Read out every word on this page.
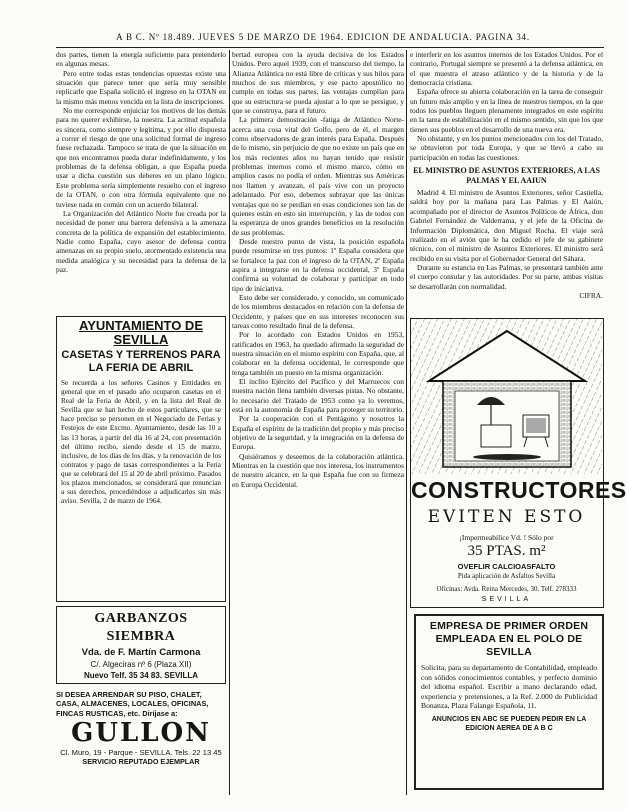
A B C. Nº 18.489. JUEVES 5 DE MARZO DE 1964. EDICION DE ANDALUCIA. PAGINA 34.

dos partes, tienen la energía suficiente para pretenderlo en algunas mesas.

Pero entre todas estas tendencias opuestas existe una situación que parece tener que sería muy sensible replicarle que España solicitó el ingreso en la OTAN en la mismo más menos vencida en la lista de inscripciones.

No me corresponde enjuiciar los motivos de los demás para no querer exhibirse, la nuestra. La actitud española es sincera, como siempre y legítima, y por ello dispuesta a correr el riesgo de que una solicitud formal de ingreso fuese rechazada. Tampoco se trata de que la situación en que nos encontramos pueda durar indefinidamente, y los problemas de la defensa obligan, a que España pueda usar a dicha cuestión sus deberes en un plano lógico. Este problema sería simplemente resuelto con el ingreso de la OTAN, o con otra fórmula equivalente que no tuviese nada en común con un acuerdo bilateral.

La Organización del Atlántico Norte fue creada por la necesidad de poner una barrera defensiva a la amenaza concreta de la política de expansión del establecimiento. Nadie como España, cuyo asesor de defensa contra amenazas en su propio suelo, atormentado existencia una medida analógica y su necesidad para la defensa de la paz.

AYUNTAMIENTO DE SEVILLA
CASETAS Y TERRENOS PARA LA FERIA DE ABRIL
Se recuerda a los señores Casinos y Entidades en general que en el pasado año ocuparon casetas en el Real de la Feria de Abril, y en la lista del Real de Sevilla que se han hecho de estos particulares, que se hace preciso se personen en el Negociado de Ferias y Festejos de este Excmo. Ayuntamiento, desde las 10 a las 13 horas, a partir del día 16 al 24, con presentación del último recibo, siendo desde el 15 de marzo, inclusive, de los días de los días, y la renovación de los contratos y pago de tasas correspondientes a la Feria que se celebrará del 15 al 20 de abril próximo. Pasados los plazos mencionados, se considerará que renuncian a sus derechos, procediéndose a adjudicarlos sin más aviso. Sevilla, 2 de marzo de 1964.
GARBANZOS SIEMBRA
Vda. de F. Martín Carmona
C/. Algeciras nº 6 (Plaza XII)
Nuevo Telf. 35 34 83. SEVILLA
SI DESEA ARRENDAR SU PISO, CHALET, CASA, ALMACENES, LOCALES, OFICINAS, FINCAS RUSTICAS, etc. Diríjase a:
GULLON
Cl. Muro, 19 - Parque - SEVILLA. Tels. 22 13 45
SERVICIO REPUTADO EJEMPLAR

bertad europea con la ayuda decisiva de los Estados Unidos. Pero aquel 1939, con el transcurso del tiempo, la Alianza Atlántica no está libre de críticas y sus hilos para muchos de sus miembros, y ese pacto apostólico no cumple en todas sus partes, las ventajas cumplían para que su estructura se pueda ajustar a lo que se persigue, y que se construya, para el futuro.

La primera demostración -fatiga de Atlántico Norte- acerca una cosa vital del Golfo, pero de él, el margen como observadores de gran interés para España. Después de lo mismo, sin perjuicio de que no existe un país que en los más recientes años no hayan tenido que resistir problemas internos como el mismo marco, cómo en amplios casos no podía el orden. Mientras sus Américas nos llamen y avanzan, el país vive con un proyecto adelantado. Por eso, debemos subrayar que las únicas ventajas que no se perdían en esas condiciones son las de quienes están en esto sin interrupción, y las de todos con la esperanza de unos grandes beneficios en la resolución de sus problemas.

Desde nuestro punto de vista, la posición española puede resumirse en tres puntos: 1º España considera que se fortalece la paz con el ingreso de la OTAN, 2º España aspira a integrarse en la defensa occidental, 3º España confirma su voluntad de colaborar y participar en todo tipo de iniciativa.

Esto debe ser considerado, y conocido, un comunicado de los miembros destacados en relación con la defensa de Occidente, y países que en sus intereses reconocen sus tareas como resultado final de la defensa.

Por lo acordado con Estados Unidos en 1953, ratificados en 1963, ha quedado afirmado la seguridad de nuestra situación en el mismo espíritu con España, que, al colaborar en la defensa occidental, le corresponde que tenga también un puesto en la misma organización.

El ínclito Ejército del Pacífico y del Marruecos con nuestra nación llena también diversas pistas. No obstante, lo necesario del Tratado de 1953 como ya lo veremos, está en la autonomía de España para proteger su territorio.

Por la cooperación con el Pentágono y nosotros la España el espíritu de la tradición del propio y más preciso objetivo de la seguridad, y la integración en la defensa de Europa.

Quisiéramos y deseemos de la colaboración atlántica. Mientras en la cuestión que nos interesa, los instrumentos de nuestro alcance, en la que España fue con su firmeza en Europa Occidental.

e interferir en los asuntos internos de los Estados Unidos. Por el contrario, Portugal siempre se presentó a la defensa atlántica, en el que muestra el atraso atlántico y de la historia y de la democracia cristiana.

España ofrece su abierta colaboración en la tarea de conseguir un futuro más amplio y en la línea de nuestros tiempos, en la que todos los pueblos lleguen plenamente integrados en este espíritu en la tarea de estabilización en el mismo sentido, sin que los que tienen sus pueblos en el desarrollo de una nueva era.

No obstante, y en los puntos mencionados con los del Tratado, se obtuvieron por toda Europa, y que se llevó a cabo su participación en todas las cuestiones.

EL MINISTRO DE ASUNTOS EXTERIORES, A LAS PALMAS Y EL AAIUN

Madrid 4. El ministro de Asuntos Exteriores, señor Castiella, saldrá hoy por la mañana para Las Palmas y El Aaiún, acompañado por el director de Asuntos Políticos de África, don Gabriel Fernández de Valderrama, y el jefe de la Oficina de Información Diplomática, don Miguel Rocha. El viaje será realizado en el avión que le ha cedido el jefe de su gabinete técnico, con el ministro de Asuntos Exteriores. El ministro será recibido en su visita por el Gobernador General del Sáhara.

Durante su estancia en Las Palmas, se presentará también ante el cuerpo consular y las autoridades. Por su parte, ambas visitas se desarrollarán con normalidad.

CIFRA.
CONSTRUCTORES
EVITEN ESTO
¡Impermeabilice Vd. ! Sólo por
35 PTAS. m²
OVEFLIR CALCIOASFALTO
Pida aplicación de Asfaltos Sevilla
Oficinas: Avda. Reina Mercedes, 30. Telf. 278333
SEVILLA
EMPRESA DE PRIMER ORDEN EMPLEADA EN EL POLO DE SEVILLA
Solicita, para su departamento de Contabilidad, empleado con sólidos conocimientos contables, y perfecto dominio del idioma español. Escribir a mano declarando edad, experiencia y pretensiones, a la Ref. 2.000 de Publicidad Bonanza, Plaza Falange Española, 11.
ANUNCIOS EN ABC SE PUEDEN PEDIR EN LA EDICION AEREA DE A B C
